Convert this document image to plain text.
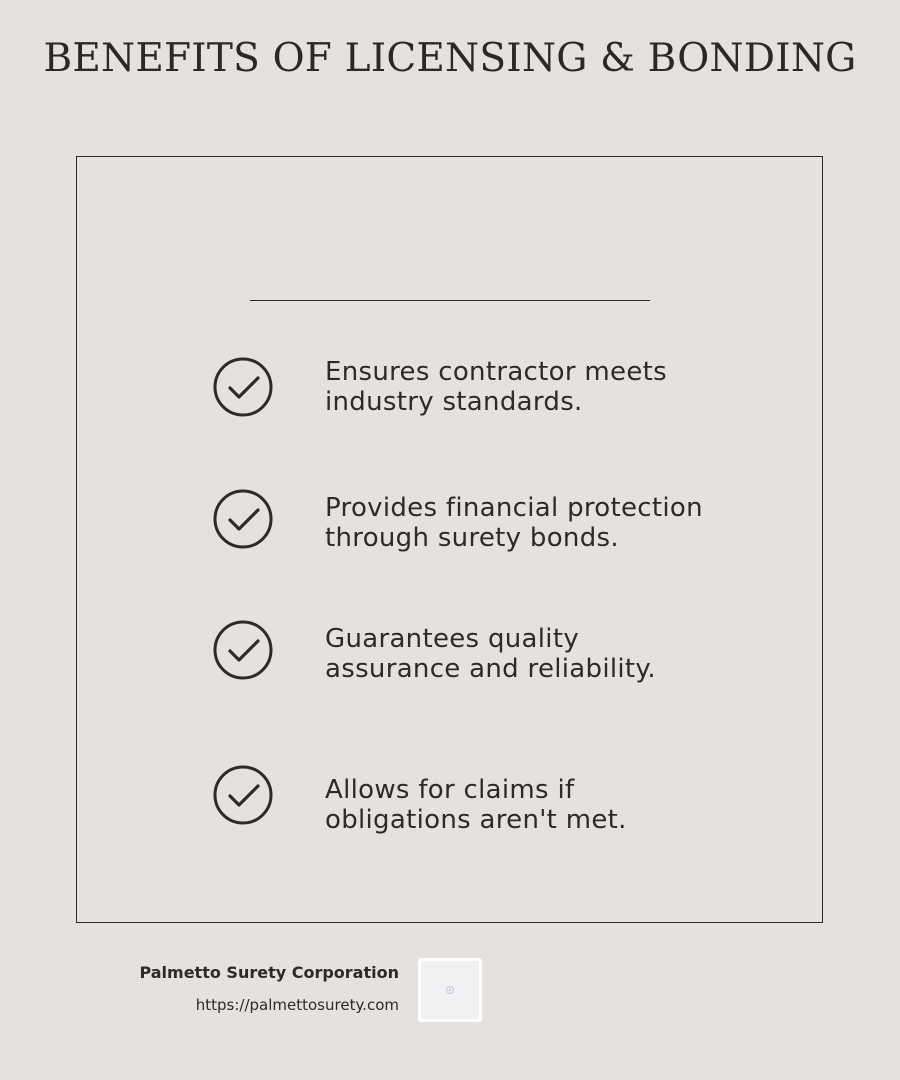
BENEFITS OF LICENSING & BONDING
Ensures contractor meets
industry standards.
Provides financial protection
through surety bonds.
Guarantees quality
assurance and reliability.
Allows for claims if
obligations aren't met.
Palmetto Surety Corporation
https://palmettosurety.com
